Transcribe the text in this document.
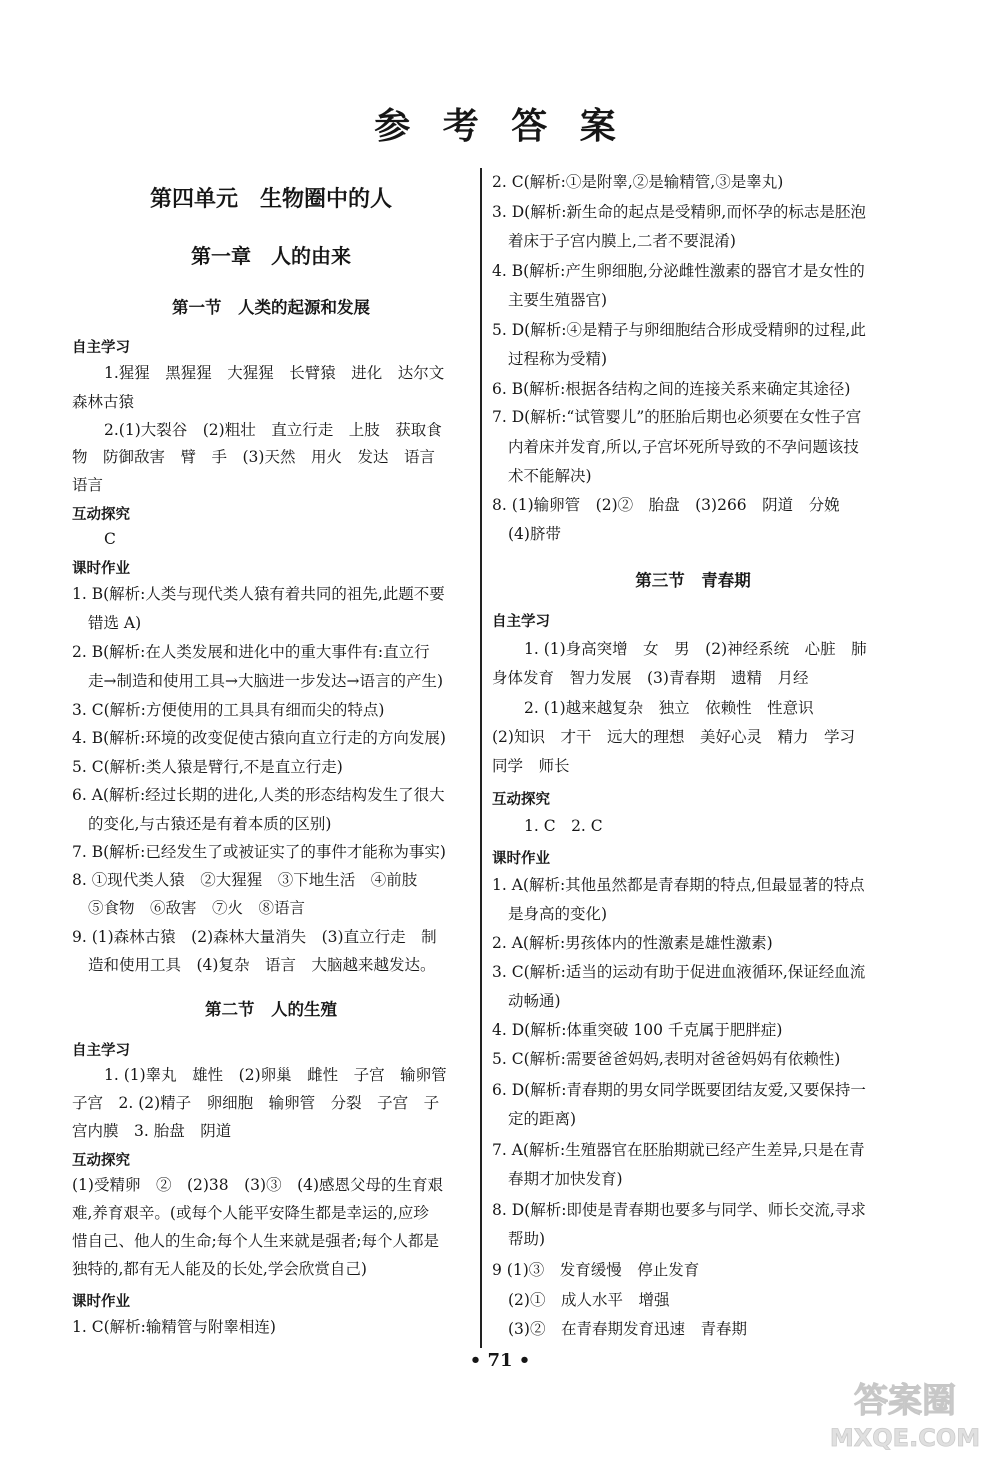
参 考 答 案
第四单元　生物圈中的人
第一章　人的由来
第一节　人类的起源和发展
自主学习
1.猩猩　黑猩猩　大猩猩　长臂猿　进化　达尔文
森林古猿
2.(1)大裂谷　(2)粗壮　直立行走　上肢　获取食
物　防御敌害　臂　手　(3)天然　用火　发达　语言
语言
互动探究
C
课时作业
1. B(解析:人类与现代类人猿有着共同的祖先,此题不要
错选 A)
2. B(解析:在人类发展和进化中的重大事件有:直立行
走→制造和使用工具→大脑进一步发达→语言的产生)
3. C(解析:方便使用的工具具有细而尖的特点)
4. B(解析:环境的改变促使古猿向直立行走的方向发展)
5. C(解析:类人猿是臂行,不是直立行走)
6. A(解析:经过长期的进化,人类的形态结构发生了很大
的变化,与古猿还是有着本质的区别)
7. B(解析:已经发生了或被证实了的事件才能称为事实)
8. ①现代类人猿　②大猩猩　③下地生活　④前肢
⑤食物　⑥敌害　⑦火　⑧语言
9. (1)森林古猿　(2)森林大量消失　(3)直立行走　制
造和使用工具　(4)复杂　语言　大脑越来越发达。
第二节　人的生殖
自主学习
1. (1)睾丸　雄性　(2)卵巢　雌性　子宫　输卵管
子宫　2. (2)精子　卵细胞　输卵管　分裂　子宫　子
宫内膜　3. 胎盘　阴道
互动探究
(1)受精卵　②　(2)38　(3)③　(4)感恩父母的生育艰
难,养育艰辛。(或每个人能平安降生都是幸运的,应珍
惜自己、他人的生命;每个人生来就是强者;每个人都是
独特的,都有无人能及的长处,学会欣赏自己)
课时作业
1. C(解析:输精管与附睾相连)
2. C(解析:①是附睾,②是输精管,③是睾丸)
3. D(解析:新生命的起点是受精卵,而怀孕的标志是胚泡
着床于子宫内膜上,二者不要混淆)
4. B(解析:产生卵细胞,分泌雌性激素的器官才是女性的
主要生殖器官)
5. D(解析:④是精子与卵细胞结合形成受精卵的过程,此
过程称为受精)
6. B(解析:根据各结构之间的连接关系来确定其途径)
7. D(解析:“试管婴儿”的胚胎后期也必须要在女性子宫
内着床并发育,所以,子宫坏死所导致的不孕问题该技
术不能解决)
8. (1)输卵管　(2)②　胎盘　(3)266　阴道　分娩
(4)脐带
第三节　青春期
自主学习
1. (1)身高突增　女　男　(2)神经系统　心脏　肺
身体发育　智力发展　(3)青春期　遗精　月经
2. (1)越来越复杂　独立　依赖性　性意识
(2)知识　才干　远大的理想　美好心灵　精力　学习
同学　师长
互动探究
1. C　2. C
课时作业
1. A(解析:其他虽然都是青春期的特点,但最显著的特点
是身高的变化)
2. A(解析:男孩体内的性激素是雄性激素)
3. C(解析:适当的运动有助于促进血液循环,保证经血流
动畅通)
4. D(解析:体重突破 100 千克属于肥胖症)
5. C(解析:需要爸爸妈妈,表明对爸爸妈妈有依赖性)
6. D(解析:青春期的男女同学既要团结友爱,又要保持一
定的距离)
7. A(解析:生殖器官在胚胎期就已经产生差异,只是在青
春期才加快发育)
8. D(解析:即使是青春期也要多与同学、师长交流,寻求
帮助)
9 (1)③　发育缓慢　停止发育
(2)①　成人水平　增强
(3)②　在青春期发育迅速　青春期
• 71 •
答案圈
MXQE.COM
